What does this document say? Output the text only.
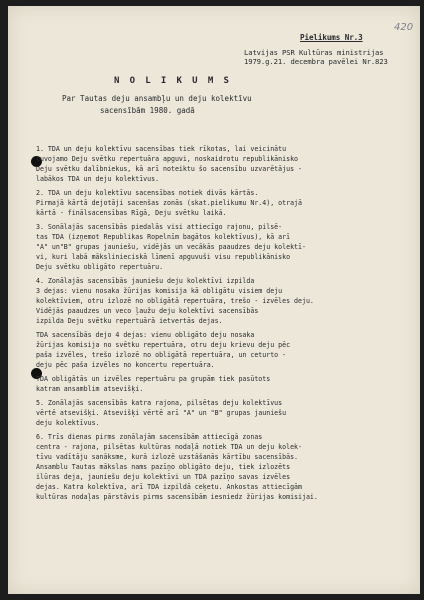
420
Pielikums Nr.3
Latvijas PSR Kultūras ministrijas
1979.g.21. decembra pavēlei Nr.823
N O L I K U M S
Par Tautas deju ansambļu un deju kolektīvu
sacensībām 1980. gadā
1. TDA un deju kolektīvu sacensības tiek rīkotas, lai veicinātu
tuvojamo Deju svētku repertuāra apguvi, noskaidrotu republikānisko
Deju svētku dalībniekus, kā arī noteiktu šo sacensību uzvarētājus -
labākos TDA un deju kolektīvus.
2. TDA un deju kolektīvu sacensības notiek divās kārtās.
Pirmajā kārtā dejotāji sacenšas zonās (skat.pielikumu Nr.4), otrajā
kārtā - finālsacensības Rīgā, Deju svētku laikā.
3. Sonālajās sacensībās piedalās visi attiecīgo rajonu, pilsē-
tas TDA (izņemot Republikas Ropelnīm bagātos kolektīvus), kā arī
"A" un"B" grupas jauniešu, vidējās un vecākās paaudzes deju kolektī-
vi, kuri labā mākslinieciskā līmenī apguvuši visu republikānisko
Deju svētku obligāto repertuāru.
4. Zonālajās sacensībās jauniešu deju kolektīvi izpilda
3 dejas: vienu nosaka žūrijas komisija kā obligātu visiem deju
kolektīviem, otru izlozē no obligātā repertuāra, trešo - izvēles deju.
Vidējās paaudzes un veco ļaužu deju kolektīvi sacensībās
izpilda Deju svētku repertuārā ietvertās dejas.
TDA sacensībās dejo 4 dejas: vienu obligāto deju nosaka
žūrijas komisija no svētku repertuāra, otru deju krievu deju pēc
paša izvēles, trešo izlozē no obligātā repertuāra, un ceturto -
deju pēc paša izvēles no koncertu repertuāra.
TDA obligātās un izvēles repertuāru pa grupām tiek pasūtots
katram ansamblim atsevišķi.
5. Zonālajās sacensībās katra rajona, pilsētas deju kolektīvus
vērtē atsevišķi. Atsevišķi vērtē arī "A" un "B" grupas jauniešu
deju kolektīvus.
6. Trīs dienas pirms zonālajām sacensībām attiecīgā zonas
centra - rajona, pilsētas kultūras nodaļā notiek TDA un deju kolek-
tīvu vadītāju sanāksme, kurā izlozē uzstāšanās kārtību sacensībās.
Ansamblu Tautas mākslas nams pazīņo obligāto deju, tiek izlozēts
ilūras deja, jauniešu deju kolektīvi un TDA pazīņo savas izvēles
dejas. Katra kolektīva, arī TDA izpildā ceķetu. Ankostas attiecīgām
kultūras nodaļas pārstāvis pirms sacensībām iesniedz žūrijas komisijai.
